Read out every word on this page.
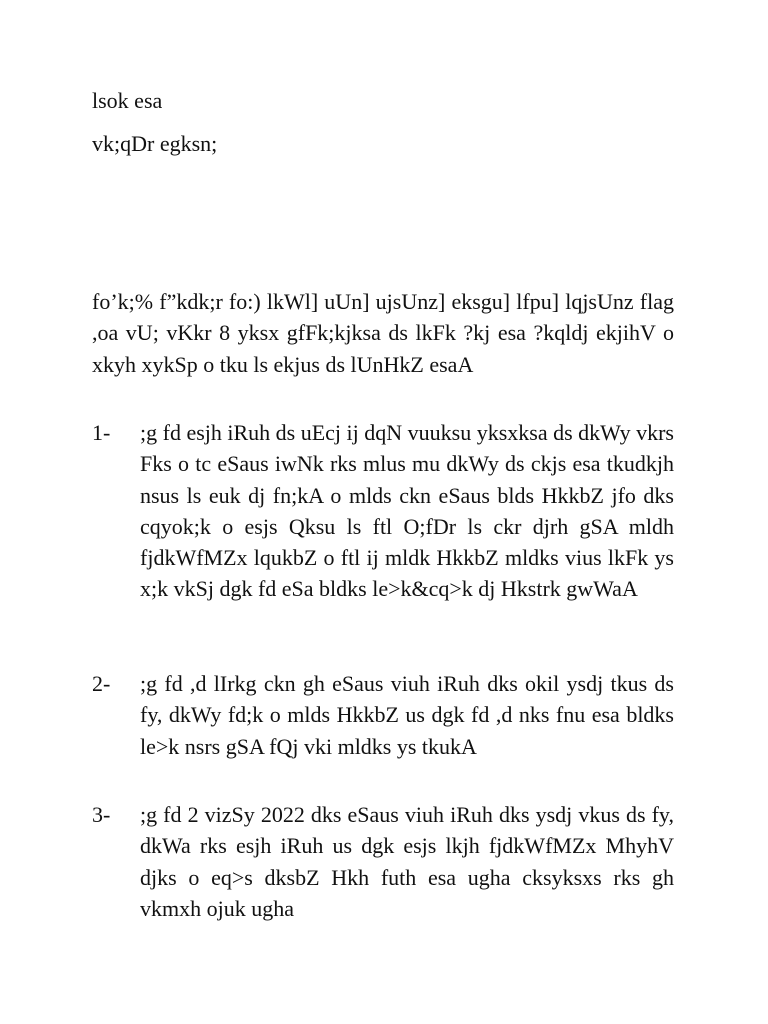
lsok esa
vk;qDr egksn;
fo’k;% f”kdk;r fo:) lkWl] uUn] ujsUnz] eksgu] lfpu] lqjsUnz flag ,oa vU; vKkr 8 yksx gfFk;kjksa ds lkFk ?kj esa ?kqldj ekjihV o xkyh xykSp o tku ls ekjus ds lUnHkZ esaA
1-	;g fd esjh iRuh ds uEcj ij dqN vuuksu yksxksa ds dkWy vkrs Fks o tc eSaus iwNk rks mlus mu dkWy ds ckjs esa tkudkjh nsus ls euk dj fn;kA o mlds ckn eSaus blds HkkbZ jfo dks cqyok;k o esjs Qksu ls ftl O;fDr ls ckr djrh gSA mldh fjdkWfMZx lqukbZ o ftl ij mldk HkkbZ mldks vius lkFk ys x;k vkSj dgk fd eSa bldks le>k&cq>k dj Hkstrk gwWaA
2-	;g fd ,d lIrkg ckn gh eSaus viuh iRuh dks okil ysdj tkus ds fy, dkWy fd;k o mlds HkkbZ us dgk fd ,d nks fnu esa bldks le>k nsrs gSA fQj vki mldks ys tkukA
3-	;g fd 2 vizSy 2022 dks eSaus viuh iRuh dks ysdj vkus ds fy, dkWa rks esjh iRuh us dgk esjs lkjh fjdkWfMZx MhyhV djks o eq>s dksbZ Hkh futh esa ugha cksyksxs rks gh vkmxh ojuk ugha
